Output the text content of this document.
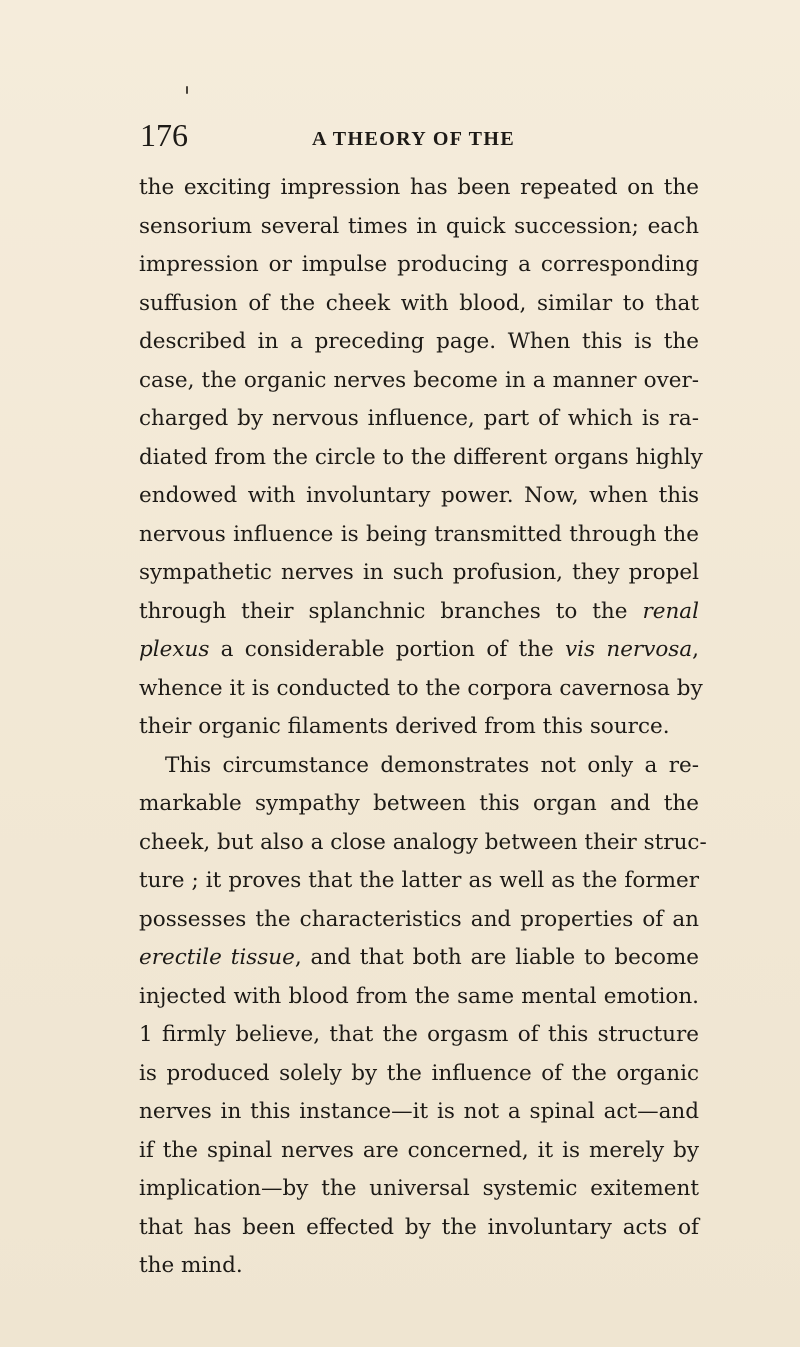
176	A THEORY OF THE
the exciting impression has been repeated on the
sensorium several times in quick succession; each
impression or impulse producing a corresponding
suffusion of the cheek with blood, similar to that
described in a preceding page. When this is the
case, the organic nerves become in a manner over-
charged by nervous influence, part of which is ra-
diated from the circle to the different organs highly
endowed with involuntary power. Now, when this
nervous influence is being transmitted through the
sympathetic nerves in such profusion, they propel
through their splanchnic branches to the renal
plexus a considerable portion of the vis nervosa,
whence it is conducted to the corpora cavernosa by
their organic filaments derived from this source.
This circumstance demonstrates not only a re-
markable sympathy between this organ and the
cheek, but also a close analogy between their struc-
ture ; it proves that the latter as well as the former
possesses the characteristics and properties of an
erectile tissue, and that both are liable to become
injected with blood from the same mental emotion.
1 firmly believe, that the orgasm of this structure
is produced solely by the influence of the organic
nerves in this instance—it is not a spinal act—and
if the spinal nerves are concerned, it is merely by
implication—by the universal systemic exitement
that has been effected by the involuntary acts of
the mind.
